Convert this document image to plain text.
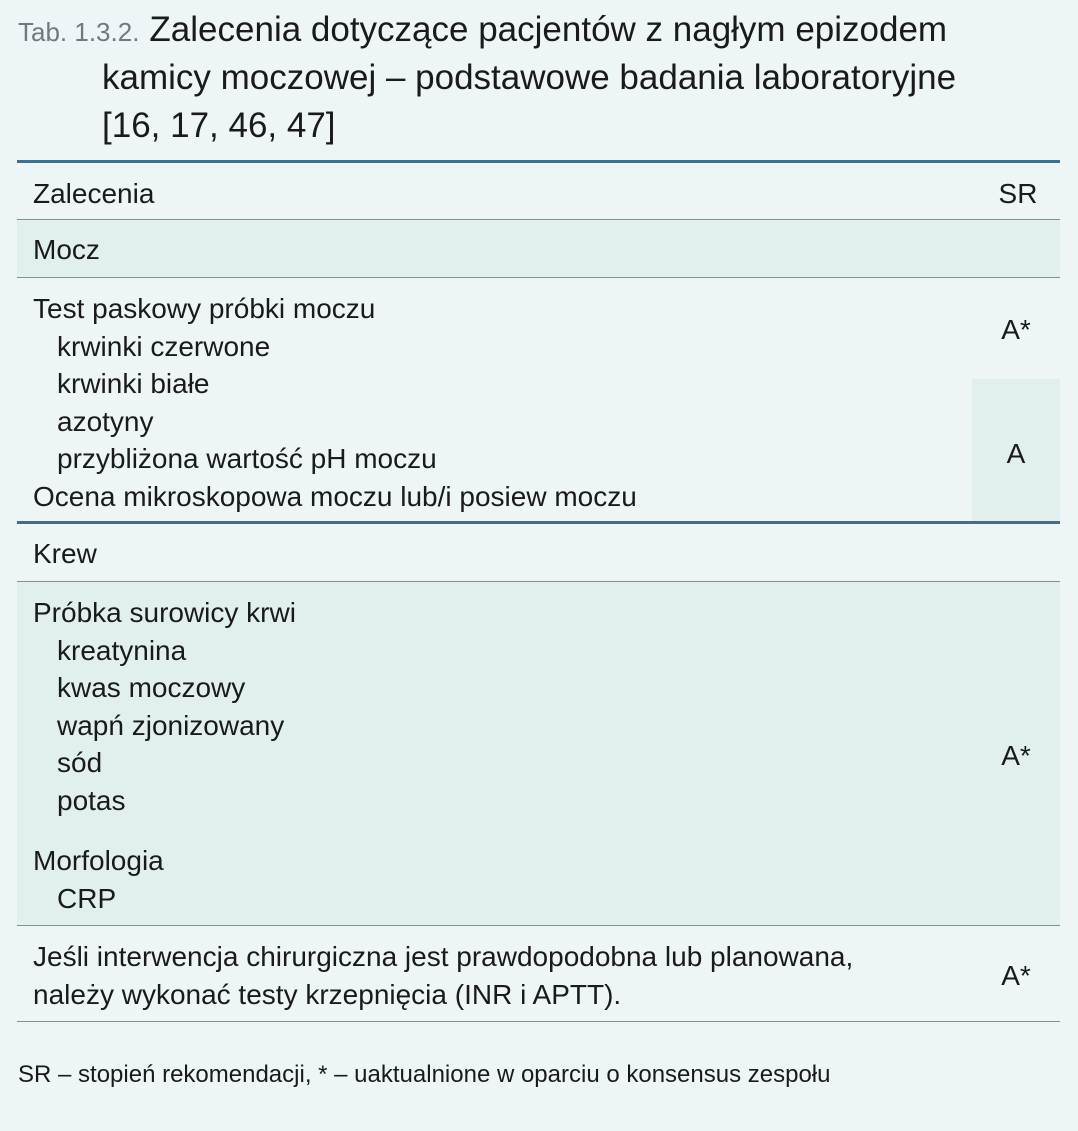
Tab. 1.3.2. Zalecenia dotyczące pacjentów z nagłym epizodem
kamicy moczowej – podstawowe badania laboratoryjne
[16, 17, 46, 47]
Zalecenia	SR
Mocz
Test paskowy próbki moczu
krwinki czerwone
krwinki białe
azotyny
przybliżona wartość pH moczu
Ocena mikroskopowa moczu lub/i posiew moczu
A*
A
Krew
Próbka surowicy krwi
kreatynina
kwas moczowy
wapń zjonizowany
sód
potas
Morfologia
CRP
A*
Jeśli interwencja chirurgiczna jest prawdopodobna lub planowana,
należy wykonać testy krzepnięcia (INR i APTT).
A*
SR – stopień rekomendacji, * – uaktualnione w oparciu o konsensus zespołu
